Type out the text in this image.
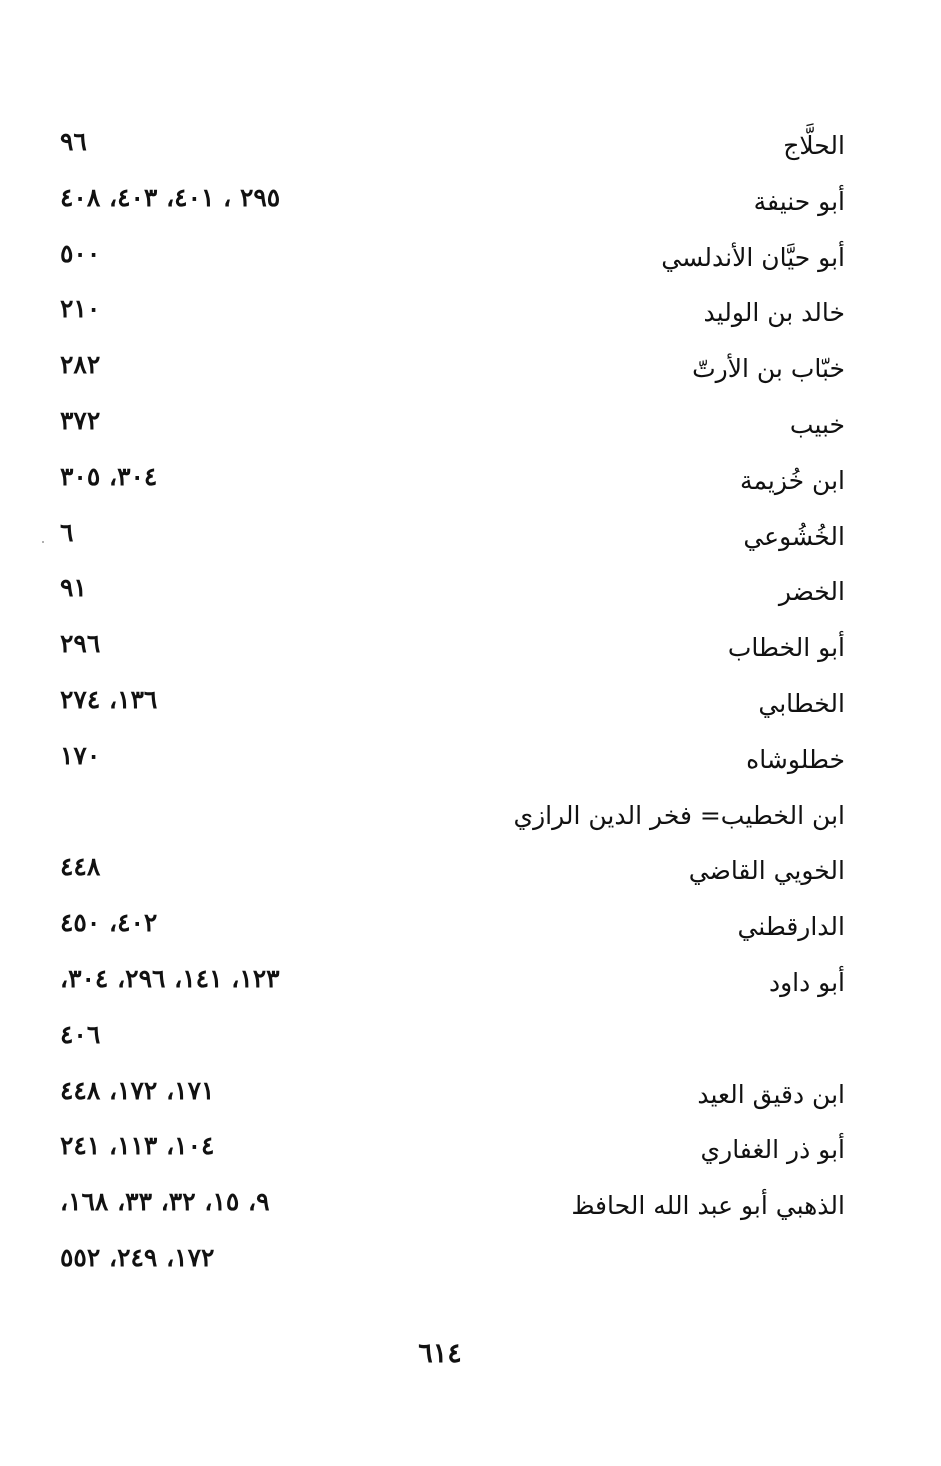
الحلَّاج
٩٦
أبو حنيفة
٢٩٥ ، ٤٠١، ٤٠٣، ٤٠٨
أبو حيَّان الأندلسي
٥٠٠
خالد بن الوليد
٢١٠
خبّاب بن الأرتّ
٢٨٢
خبيب
٣٧٢
ابن خُزيمة
٣٠٤، ٣٠٥
الخُشُوعي
٦
الخضر
٩١
أبو الخطاب
٢٩٦
الخطابي
١٣٦، ٢٧٤
خطلوشاه
١٧٠
ابن الخطيب= فخر الدين الرازي
الخويي القاضي
٤٤٨
الدارقطني
٤٠٢، ٤٥٠
أبو داود
١٢٣، ١٤١، ٢٩٦، ٣٠٤،
٤٠٦
ابن دقيق العيد
١٧١، ١٧٢، ٤٤٨
أبو ذر الغفاري
١٠٤، ١١٣، ٢٤١
الذهبي أبو عبد الله الحافظ
٩، ١٥، ٣٢، ٣٣، ١٦٨،
١٧٢، ٢٤٩، ٥٥٢
٦١٤
